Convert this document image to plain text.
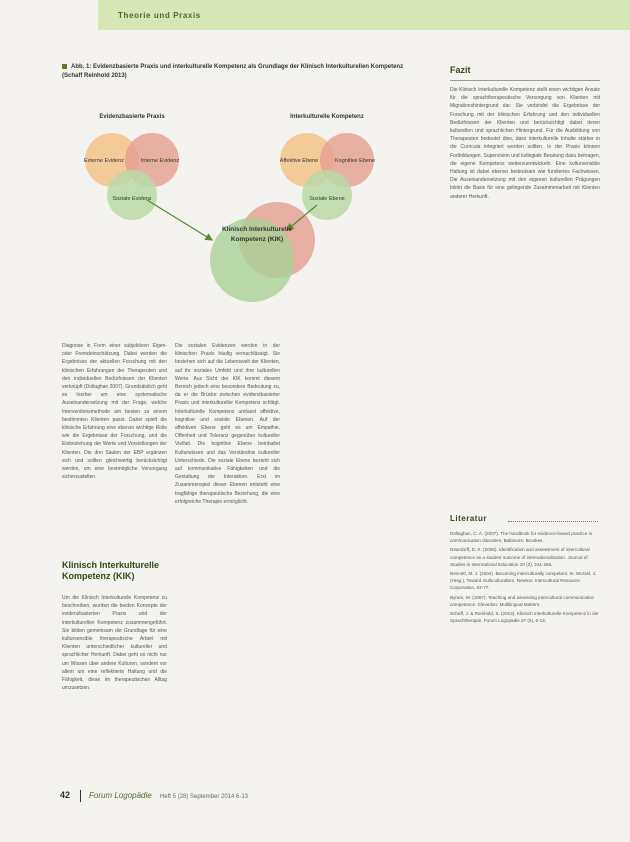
Theorie und Praxis
Abb. 1: Evidenzbasierte Praxis und interkulturelle Kompetenz als Grundlage der Klinisch Interkulturellen Kompetenz (Schaff Reinhold 2013)
Evidenzbasierte Praxis	Interkulturelle Kompetenz
Externe Evidenz	Interne Evidenz
Soziale Evidenz
Affektive Ebene	Kognitive Ebene
Soziale Ebene
Klinisch Interkulturelle Kompetenz (KIK)

Diagnose in Form einer subjektiven Eigen- oder Fremdeinschätzung. Dabei werden die Ergebnisse der aktuellen Forschung mit den klinischen Erfahrungen der Therapeuten und den individuellen Bedürfnissen der Klienten verknüpft (Dollaghan 2007). Grundsätzlich geht es hierbei um eine systematische Auseinandersetzung mit der Frage, welche Interventionsmethode am besten zu einem bestimmten Klienten passt. Dabei spielt die klinische Erfahrung eine ebenso wichtige Rolle wie die Ergebnisse der Forschung, und die Einbeziehung der Werte und Vorstellungen der Klienten. Die drei Säulen der EBP ergänzen sich und sollten gleichwertig berücksichtigt werden, um eine bestmögliche Versorgung sicherzustellen.

Klinisch Interkulturelle Kompetenz (KIK)

Um die Klinisch Interkulturelle Kompetenz zu beschreiben, wurden die beiden Konzepte der evidenzbasierten Praxis und der interkulturellen Kompetenz zusammengeführt. Sie bilden gemeinsam die Grundlage für eine kultursensible therapeutische Arbeit mit Klienten unterschiedlicher kultureller und sprachlicher Herkunft. Dabei geht es nicht nur um Wissen über andere Kulturen, sondern vor allem um eine reflektierte Haltung und die Fähigkeit, diese im therapeutischen Alltag umzusetzen.

Die sozialen Evidenzen werden in der klinischen Praxis häufig vernachlässigt. Sie beziehen sich auf die Lebenswelt der Klienten, auf ihr soziales Umfeld und ihre kulturellen Werte. Aus Sicht der KIK kommt diesem Bereich jedoch eine besondere Bedeutung zu, da er die Brücke zwischen evidenzbasierter Praxis und interkultureller Kompetenz schlägt. Interkulturelle Kompetenz umfasst affektive, kognitive und soziale Ebenen. Auf der affektiven Ebene geht es um Empathie, Offenheit und Toleranz gegenüber kultureller Vielfalt. Die kognitive Ebene beinhaltet Kulturwissen und das Verständnis kultureller Unterschiede. Die soziale Ebene bezieht sich auf kommunikative Fähigkeiten und die Gestaltung der Interaktion. Erst im Zusammenspiel dieser Ebenen entsteht eine tragfähige therapeutische Beziehung, die eine erfolgreiche Therapie ermöglicht.

Fazit

Die Klinisch Interkulturelle Kompetenz stellt einen wichtigen Ansatz für die sprachtherapeutische Versorgung von Klienten mit Migrationshintergrund dar. Sie verbindet die Ergebnisse der Forschung mit der klinischen Erfahrung und den individuellen Bedürfnissen der Klienten und berücksichtigt dabei deren kulturellen und sprachlichen Hintergrund. Für die Ausbildung von Therapeuten bedeutet dies, dass interkulturelle Inhalte stärker in die Curricula integriert werden sollten. In der Praxis können Fortbildungen, Supervision und kollegiale Beratung dazu beitragen, die eigene Kompetenz weiterzuentwickeln. Eine kultursensible Haltung ist dabei ebenso bedeutsam wie fundiertes Fachwissen. Die Auseinandersetzung mit den eigenen kulturellen Prägungen bildet die Basis für eine gelingende Zusammenarbeit mit Klienten anderer Herkunft.

Literatur
Dollaghan, C. A. (2007). The handbook for evidence-based practice in communication disorders. Baltimore: Brookes.
Deardorff, D. K. (2006). Identification and assessment of intercultural competence as a student outcome of internationalization. Journal of Studies in International Education 10 (3), 241-266.
Bennett, M. J. (2004). Becoming interculturally competent. In: Wurzel, J. (Hrsg.), Toward multiculturalism. Newton: Intercultural Resource Corporation, 62-77.
Byram, M. (1997). Teaching and assessing intercultural communicative competence. Clevedon: Multilingual Matters.
Schaff, J. & Reinhold, S. (2013). Klinisch Interkulturelle Kompetenz in der Sprachtherapie. Forum Logopädie 27 (5), 6-13.
42 Forum Logopädie Heft 5 (28) September 2014 6-13
